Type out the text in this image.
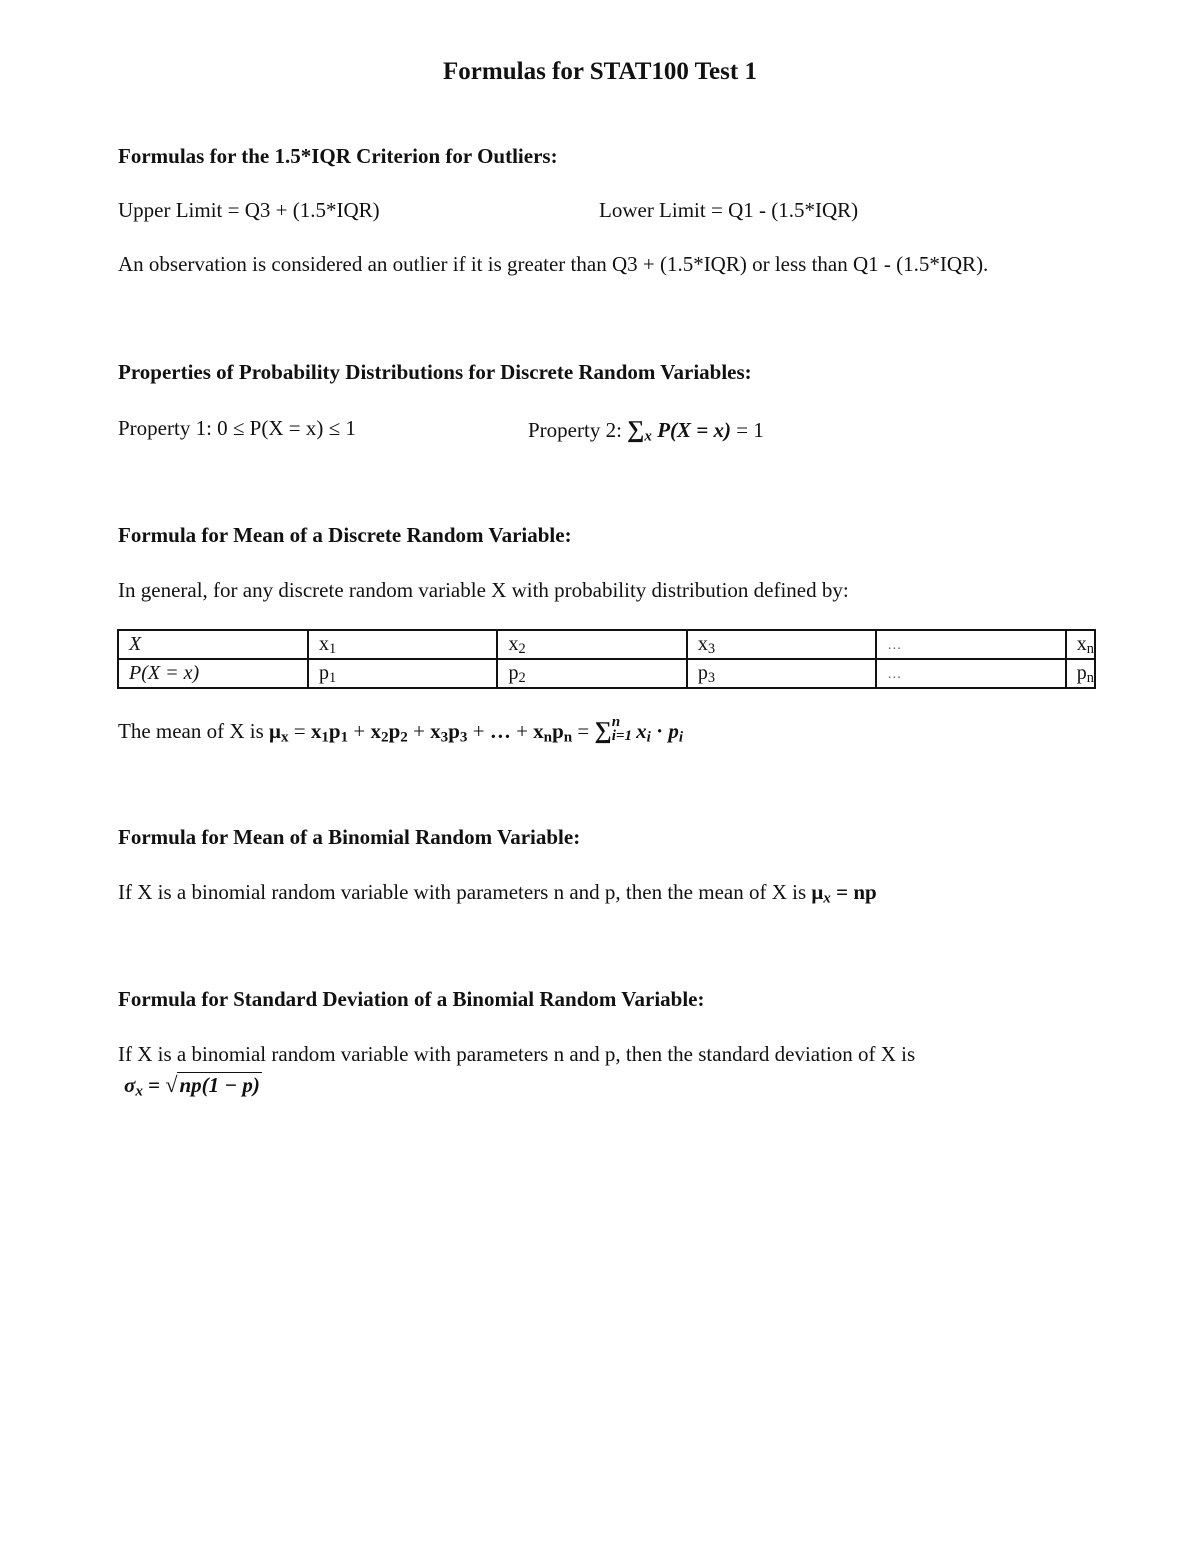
Formulas for STAT100 Test 1
Formulas for the 1.5*IQR Criterion for Outliers:
Upper Limit = Q3 + (1.5*IQR)	Lower Limit = Q1 - (1.5*IQR)
An observation is considered an outlier if it is greater than Q3 + (1.5*IQR) or less than Q1 - (1.5*IQR).
Properties of Probability Distributions for Discrete Random Variables:
Property 1: 0 ≤ P(X = x) ≤ 1	Property 2: $\sum_x$ P(X = x) = 1
Formula for Mean of a Discrete Random Variable:
In general, for any discrete random variable X with probability distribution defined by:
X	$x_1$	$x_2$	$x_3$	…	$x_n$
P(X = x)	$p_1$	$p_2$	$p_3$	…	$p_n$
The mean of X is $\mu_x = x_1p_1 + x_2p_2 + x_3p_3$ + … + $x_np_n$ = ∑ n
i=1 $x_i \cdot p_i$
Formula for Mean of a Binomial Random Variable:
If X is a binomial random variable with parameters n and p, then the mean of X is $\mu_x$ = np
Formula for Standard Deviation of a Binomial Random Variable:
If X is a binomial random variable with parameters n and p, then the standard deviation of X is
$\sigma_x = √np(1 - p)$
